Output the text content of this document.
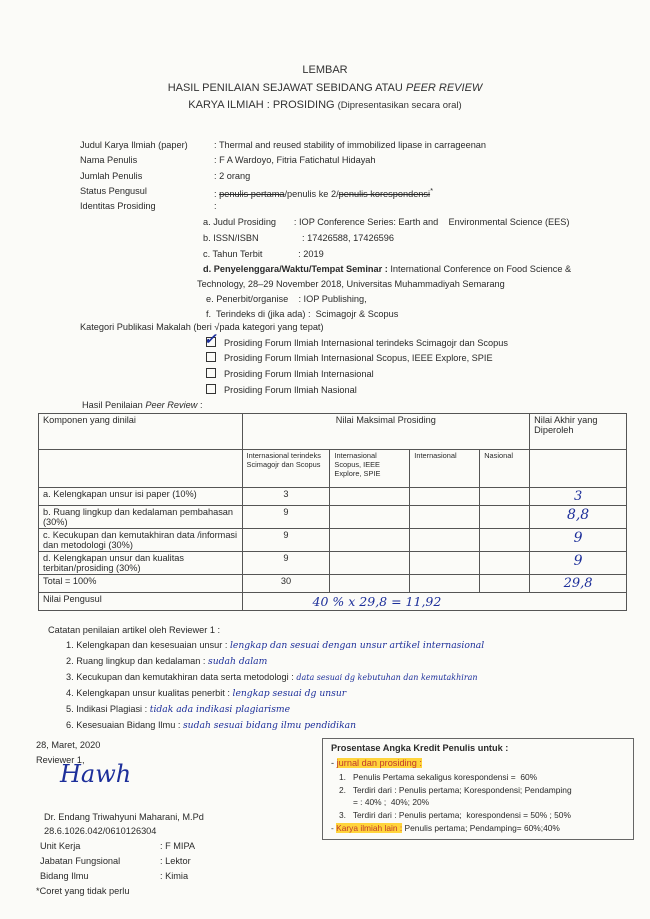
LEMBAR
HASIL PENILAIAN SEJAWAT SEBIDANG ATAU PEER REVIEW
KARYA ILMIAH : PROSIDING (Dipresentasikan secara oral)
Judul Karya Ilmiah (paper)	: Thermal and reused stability of immobilized lipase in carrageenan
Nama Penulis	: F A Wardoyo, Fitria Fatichatul Hidayah
Jumlah Penulis	: 2 orang
Status Pengusul	: penulis pertama/penulis ke 2/penulis korespondensi*
Identitas Prosiding	:
a. Judul Prosiding       : IOP Conference Series: Earth and    Environmental Science (EES)
b. ISSN/ISBN                 : 17426588, 17426596
c. Tahun Terbit              : 2019
d. Penyelenggara/Waktu/Tempat Seminar : International Conference on Food Science &
Technology, 28–29 November 2018, Universitas Muhammadiyah Semarang
e. Penerbit/organise    : IOP Publishing,
f.  Terindeks di (jika ada) :  Scimagojr & Scopus
Kategori Publikasi Makalah (beri √pada kategori yang tepat)
✓ Prosiding Forum Ilmiah Internasional terindeks Scimagojr dan Scopus
Prosiding Forum Ilmiah Internasional Scopus, IEEE Explore, SPIE
Prosiding Forum Ilmiah Internasional
Prosiding Forum Ilmiah Nasional
Hasil Penilaian Peer Review :
Komponen yang dinilai	Nilai Maksimal Prosiding				Nilai Akhir yang Diperoleh
	Internasional terindeks Scimagojr dan Scopus	Internasional Scopus, IEEE Explore, SPIE	Internasional	Nasional	
a. Kelengkapan unsur isi paper (10%)	3				3
b. Ruang lingkup dan kedalaman pembahasan (30%)	9				8,8
c. Kecukupan dan kemutakhiran data /informasi dan metodologi (30%)	9				9
d. Kelengkapan unsur dan kualitas terbitan/prosiding (30%)	9				9
Total = 100%	30				29,8
Nilai Pengusul	40 % x 29,8 = 11,92				
Catatan penilaian artikel oleh Reviewer 1 :
1. Kelengkapan dan kesesuaian unsur : lengkap dan sesuai dengan unsur artikel internasional
2. Ruang lingkup dan kedalaman : sudah dalam
3. Kecukupan dan kemutakhiran data serta metodologi : data sesuai dg kebutuhan dan kemutakhiran
4. Kelengkapan unsur kualitas penerbit : lengkap sesuai dg unsur
5. Indikasi Plagiasi : tidak ada indikasi plagiarisme
6. Kesesuaian Bidang Ilmu : sudah sesuai bidang ilmu pendidikan
28, Maret, 2020
Reviewer 1,
Hawh
Dr. Endang Triwahyuni Maharani, M.Pd
28.6.1026.042/0610126304
Unit Kerja	: F MIPA
Jabatan Fungsional	: Lektor
Bidang Ilmu	: Kimia
*Coret yang tidak perlu
Prosentase Angka Kredit Penulis untuk :
- jurnal dan prosiding :
1.   Penulis Pertama sekaligus korespondensi =  60%
2.   Terdiri dari : Penulis pertama; Korespondensi; Pendamping
= : 40% ;  40%; 20%
3.   Terdiri dari : Penulis pertama;  korespondensi = 50% ; 50%
- Karya ilmiah lain : Penulis pertama; Pendamping= 60%;40%
